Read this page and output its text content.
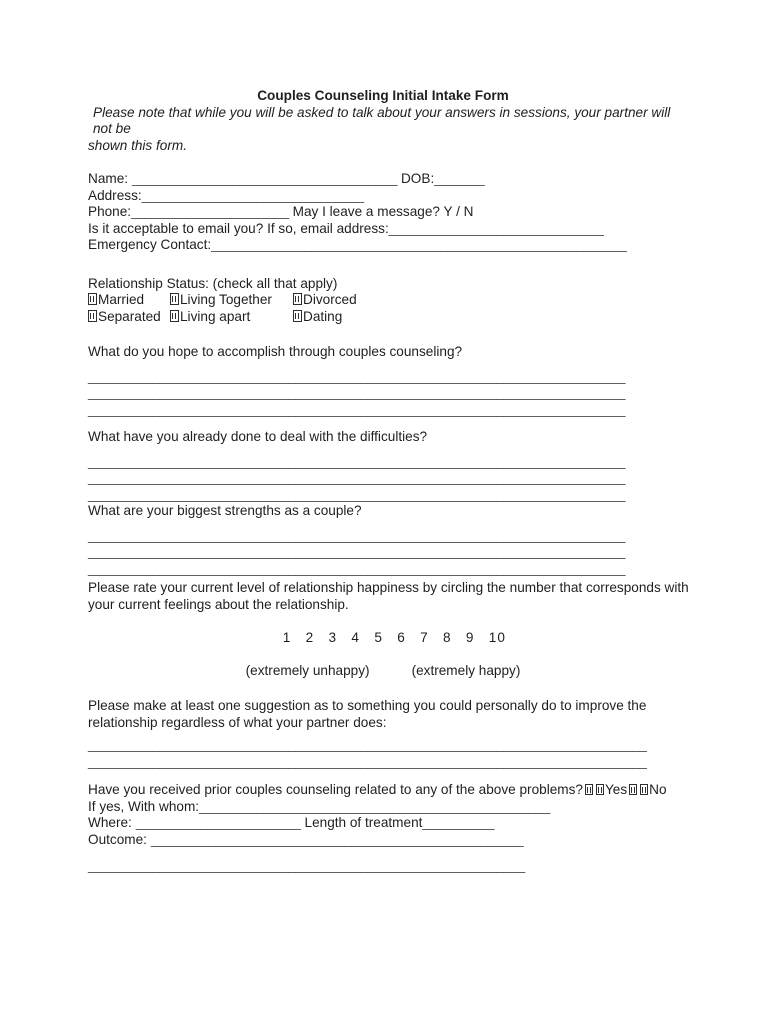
Couples Counseling Initial Intake Form
Please note that while you will be asked to talk about your answers in sessions, your partner will not be
shown this form.
Name: _____________________________________ DOB:_______
Address:_______________________________
Phone:______________________ May I leave a message? Y / N
Is it acceptable to email you? If so, email address:______________________________
Emergency Contact:__________________________________________________________
Relationship Status: (check all that apply)
Married	Living Together Divorced
Separated Living apart	Dating
What do you hope to accomplish through couples counseling?
___________________________________________________________________________
___________________________________________________________________________
___________________________________________________________________________
What have you already done to deal with the difficulties?
___________________________________________________________________________
___________________________________________________________________________
___________________________________________________________________________
What are your biggest strengths as a couple?
___________________________________________________________________________
___________________________________________________________________________
___________________________________________________________________________
Please rate your current level of relationship happiness by circling the number that corresponds with
your current feelings about the relationship.

1   2   3   4   5   6   7   8   9   10

(extremely unhappy)	(extremely happy)
Please make at least one suggestion as to something you could personally do to improve the
relationship regardless of what your partner does:
______________________________________________________________________________
______________________________________________________________________________
Have you received prior couples counseling related to any of the above problems? Yes No
If yes, With whom:_________________________________________________
Where: _______________________ Length of treatment__________
Outcome: ____________________________________________________
_____________________________________________________________
